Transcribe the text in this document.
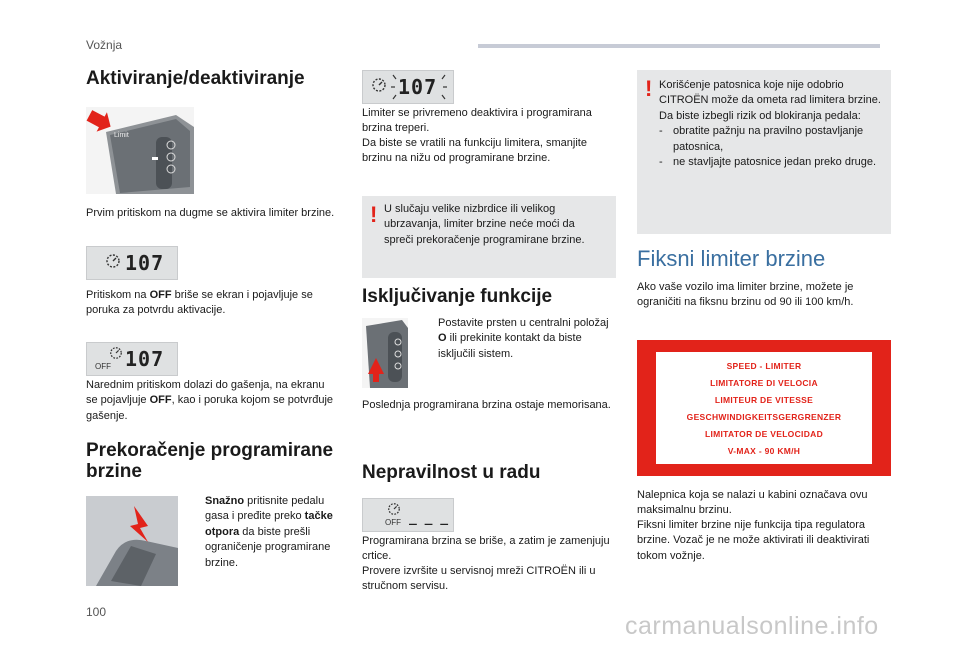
Vožnja
Aktiviranje/deaktiviranje
Limit
Prvim pritiskom na dugme se aktivira limiter brzine.
107
Pritiskom na OFF briše se ekran i pojavljuje se poruka za potvrdu aktivacije.
OFF 107
Narednim pritiskom dolazi do gašenja, na ekranu se pojavljuje OFF, kao i poruka kojom se potvrđuje gašenje.
Prekoračenje programirane brzine
Snažno pritisnite pedalu gasa i pređite preko tačke otpora da biste prešli ograničenje programirane brzine.
107
Limiter se privremeno deaktivira i programirana brzina treperi.
Da biste se vratili na funkciju limitera, smanjite brzinu na nižu od programirane brzine.
! U slučaju velike nizbrdice ili velikog ubrzavanja, limiter brzine neće moći da spreči prekoračenje programirane brzine.
Isključivanje funkcije
Postavite prsten u centralni položaj O ili prekinite kontakt da biste isključili sistem.
Poslednja programirana brzina ostaje memorisana.
Nepravilnost u radu
OFF _ _ _
Programirana brzina se briše, a zatim je zamenjuju crtice.
Provere izvršite u servisnoj mreži CITROËN ili u stručnom servisu.
! Korišćenje patosnica koje nije odobrio CITROËN može da ometa rad limitera brzine.
Da biste izbegli rizik od blokiranja pedala:
- obratite pažnju na pravilno postavljanje patosnica,
- ne stavljajte patosnice jedan preko druge.
Fiksni limiter brzine
Ako vaše vozilo ima limiter brzine, možete je ograničiti na fiksnu brzinu od 90 ili 100 km/h.
SPEED - LIMITER
LIMITATORE DI VELOCIA
LIMITEUR DE VITESSE
GESCHWINDIGKEITSGERGRENZER
LIMITATOR DE VELOCIDAD
V-MAX - 90 KM/H
Nalepnica koja se nalazi u kabini označava ovu maksimalnu brzinu.
Fiksni limiter brzine nije funkcija tipa regulatora brzine. Vozač je ne može aktivirati ili deaktivirati tokom vožnje.
100	carmanualsonline.info
